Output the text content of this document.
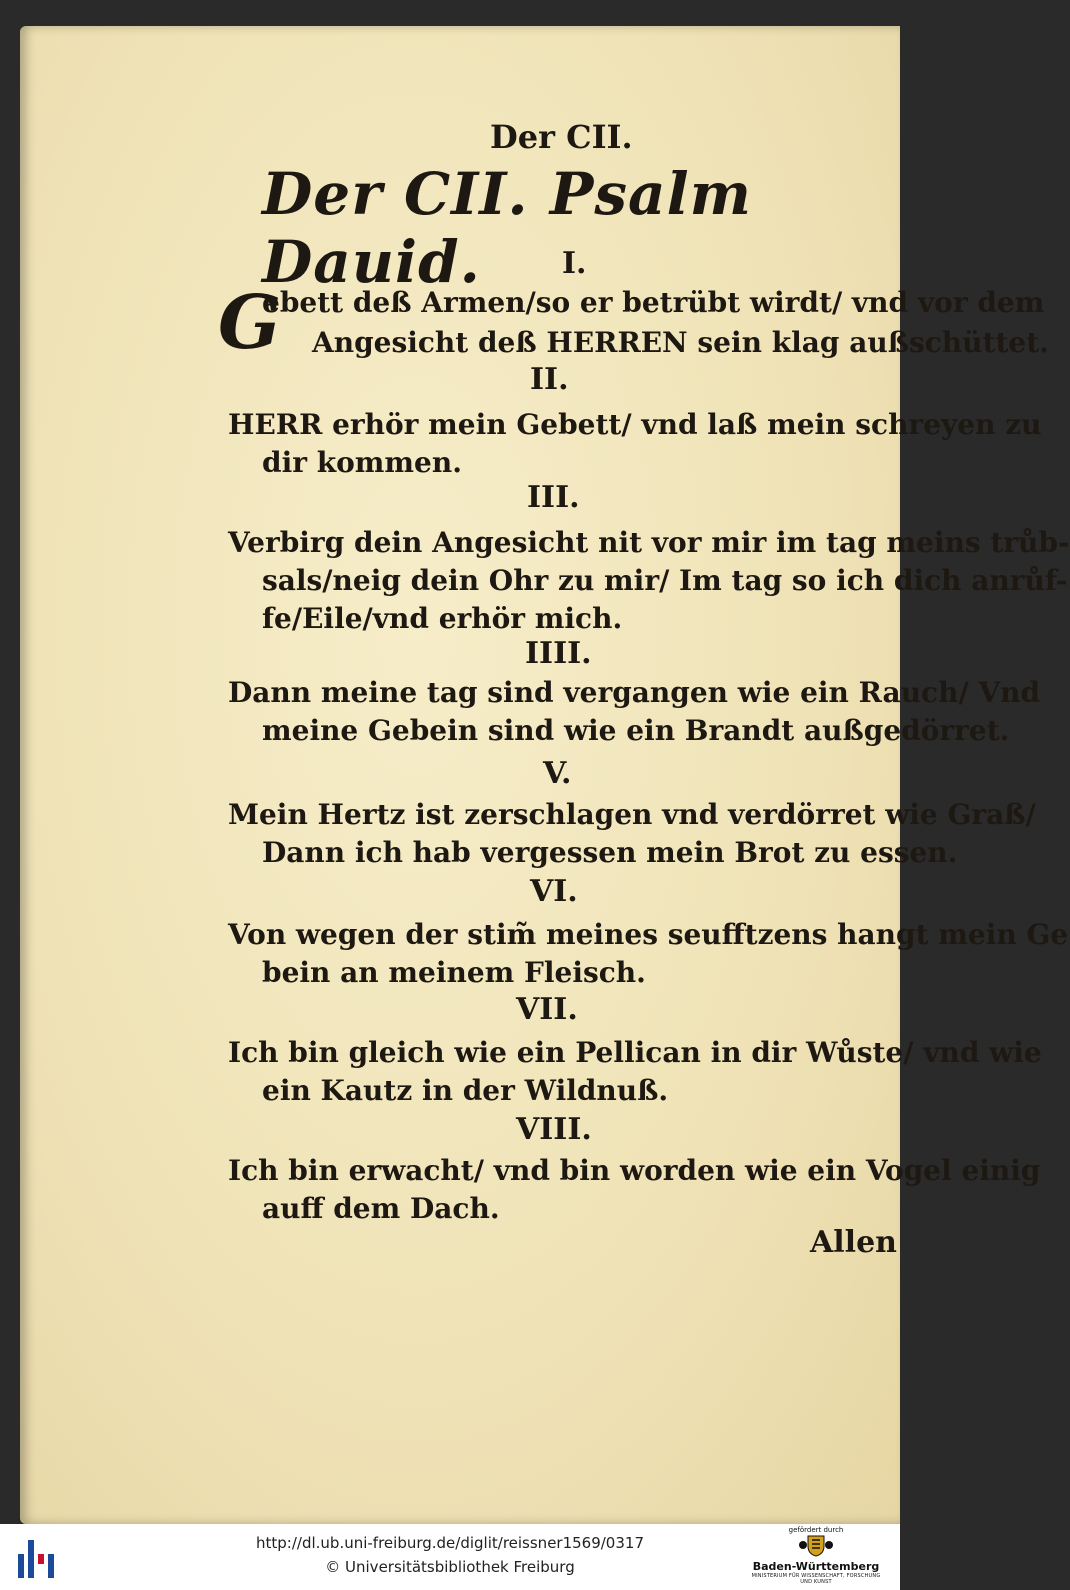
Der CII.
Der CII. Psalm Dauid.	I.
G
ebett deß Armen/so er betrübt wirdt/ vnd vor dem
Angesicht deß HERREN sein klag außschüttet.
II.
HERR erhör mein Gebett/ vnd laß mein schreyen zu
dir kommen.
III.
Verbirg dein Angesicht nit vor mir im tag meins trůb-
sals/neig dein Ohr zu mir/ Im tag so ich dich anrůf-
fe/Eile/vnd erhör mich.
IIII.
Dann meine tag sind vergangen wie ein Rauch/ Vnd
meine Gebein sind wie ein Brandt außgedörret.
V.
Mein Hertz ist zerschlagen vnd verdörret wie Graß/
Dann ich hab vergessen mein Brot zu essen.
VI.
Von wegen der stim̃ meines seufftzens hangt mein Ge
bein an meinem Fleisch.
VII.
Ich bin gleich wie ein Pellican in dir Wůste/ vnd wie
ein Kautz in der Wildnuß.
VIII.
Ich bin erwacht/ vnd bin worden wie ein Vogel einig
auff dem Dach.
Allen
http://dl.ub.uni-freiburg.de/diglit/reissner1569/0317
© Universitätsbibliothek Freiburg
gefördert durch
Baden-Württemberg
MINISTERIUM FÜR WISSENSCHAFT, FORSCHUNG UND KUNST
